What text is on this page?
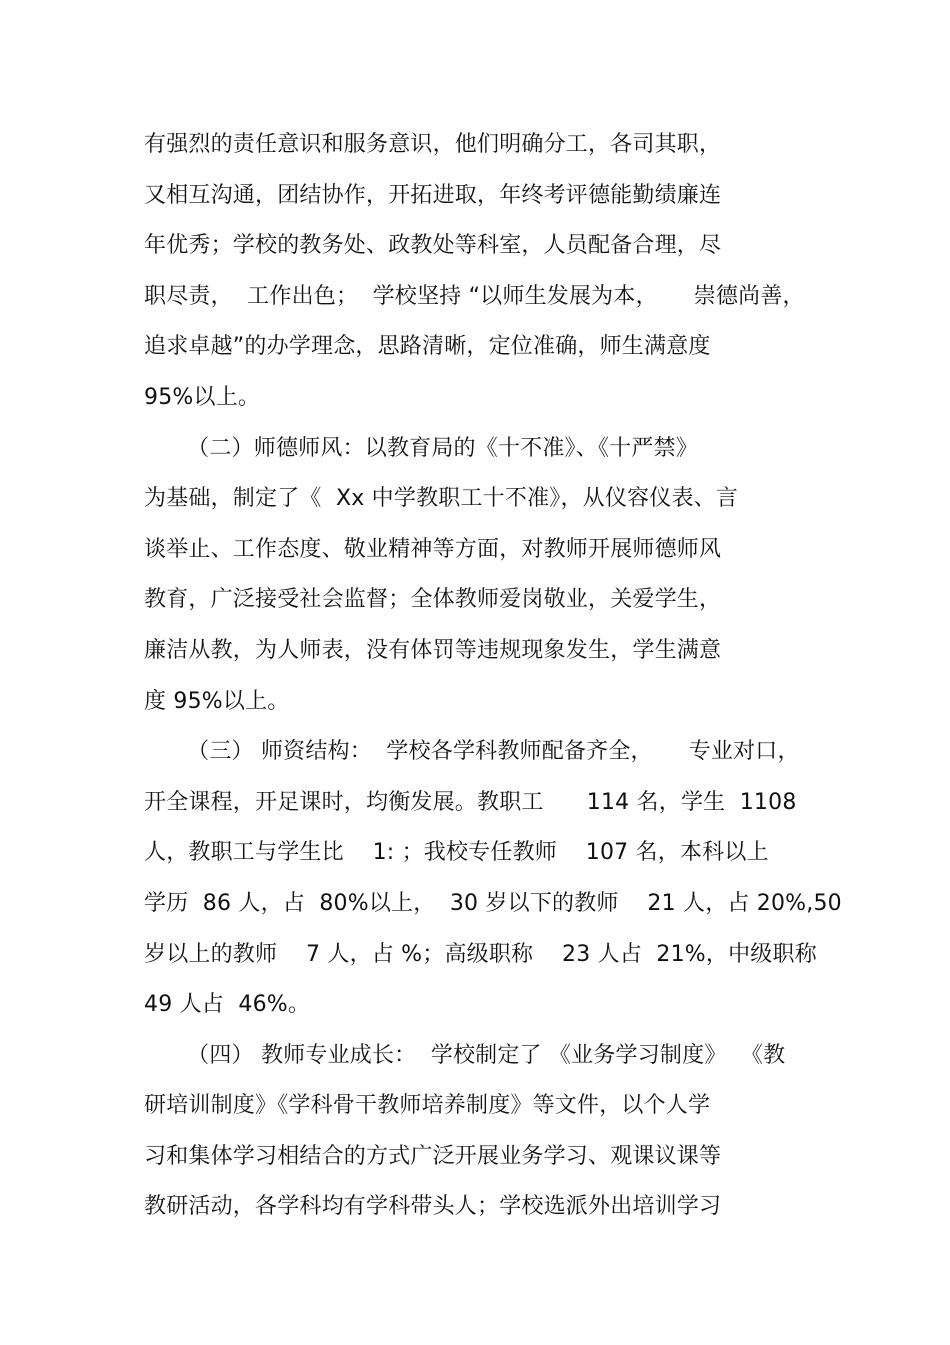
有强烈的责任意识和服务意识，他们明确分工，各司其职，
又相互沟通，团结协作，开拓进取，年终考评德能勤绩廉连
年优秀；学校的教务处、政教处等科室，人员配备合理，尽
职尽责，  工作出色；  学校坚持 “以师生发展为本，     崇德尚善，
追求卓越”的办学理念，思路清晰，定位准确，师生满意度
95%以上。
（二）师德师风：以教育局的《十不准》、《十严禁》
为基础，制定了《  Xx 中学教职工十不准》，从仪容仪表、言
谈举止、工作态度、敬业精神等方面，对教师开展师德师风
教育，广泛接受社会监督；全体教师爱岗敬业，关爱学生，
廉洁从教，为人师表，没有体罚等违规现象发生，学生满意
度 95%以上。
（三） 师资结构：  学校各学科教师配备齐全，     专业对口，
开全课程，开足课时，均衡发展。教职工      114 名，学生  1108
人，教职工与学生比    1: ；我校专任教师    107 名，本科以上
学历  86 人，占  80%以上，  30 岁以下的教师    21 人，占 20%,50
岁以上的教师    7 人，占 %；高级职称    23 人占  21%，中级职称
49 人占  46%。
（四） 教师专业成长：  学校制定了 《业务学习制度》  《教
研培训制度》《学科骨干教师培养制度》等文件，以个人学
习和集体学习相结合的方式广泛开展业务学习、观课议课等
教研活动，各学科均有学科带头人；学校选派外出培训学习
